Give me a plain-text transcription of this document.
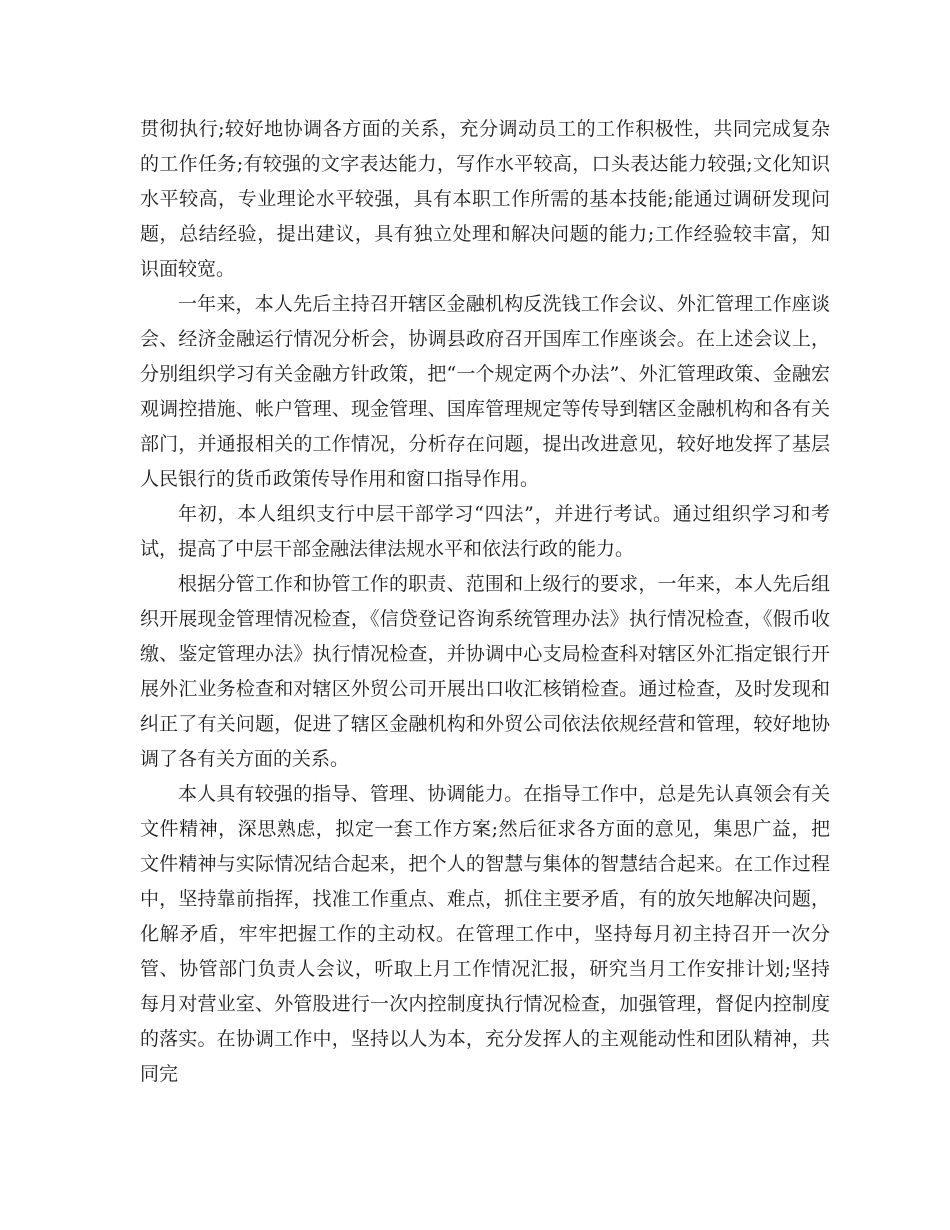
贯彻执行;较好地协调各方面的关系，充分调动员工的工作积极性，共同完成复杂的工作任务;有较强的文字表达能力，写作水平较高，口头表达能力较强;文化知识水平较高，专业理论水平较强，具有本职工作所需的基本技能;能通过调研发现问题，总结经验，提出建议，具有独立处理和解决问题的能力;工作经验较丰富，知识面较宽。

一年来，本人先后主持召开辖区金融机构反洗钱工作会议、外汇管理工作座谈会、经济金融运行情况分析会，协调县政府召开国库工作座谈会。在上述会议上，分别组织学习有关金融方针政策，把“一个规定两个办法”、外汇管理政策、金融宏观调控措施、帐户管理、现金管理、国库管理规定等传导到辖区金融机构和各有关部门，并通报相关的工作情况，分析存在问题，提出改进意见，较好地发挥了基层人民银行的货币政策传导作用和窗口指导作用。

年初，本人组织支行中层干部学习“四法”，并进行考试。通过组织学习和考试，提高了中层干部金融法律法规水平和依法行政的能力。

根据分管工作和协管工作的职责、范围和上级行的要求，一年来，本人先后组织开展现金管理情况检查，《信贷登记咨询系统管理办法》执行情况检查，《假币收缴、鉴定管理办法》执行情况检查，并协调中心支局检查科对辖区外汇指定银行开展外汇业务检查和对辖区外贸公司开展出口收汇核销检查。通过检查，及时发现和纠正了有关问题，促进了辖区金融机构和外贸公司依法依规经营和管理，较好地协调了各有关方面的关系。

本人具有较强的指导、管理、协调能力。在指导工作中，总是先认真领会有关文件精神，深思熟虑，拟定一套工作方案;然后征求各方面的意见，集思广益，把文件精神与实际情况结合起来，把个人的智慧与集体的智慧结合起来。在工作过程中，坚持靠前指挥，找准工作重点、难点，抓住主要矛盾，有的放矢地解决问题，化解矛盾，牢牢把握工作的主动权。在管理工作中，坚持每月初主持召开一次分管、协管部门负责人会议，听取上月工作情况汇报，研究当月工作安排计划;坚持每月对营业室、外管股进行一次内控制度执行情况检查，加强管理，督促内控制度的落实。在协调工作中，坚持以人为本，充分发挥人的主观能动性和团队精神，共同完
